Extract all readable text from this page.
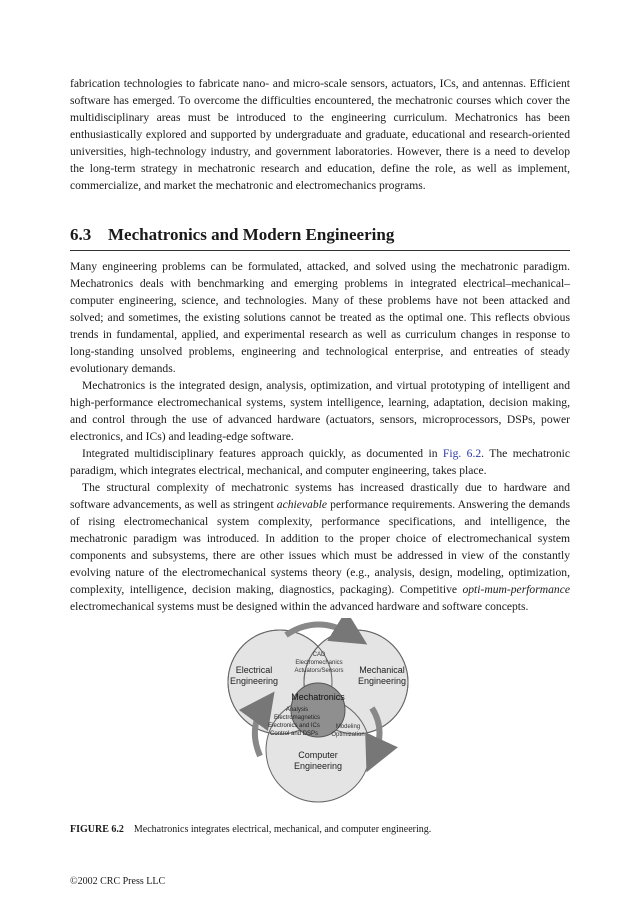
fabrication technologies to fabricate nano- and micro-scale sensors, actuators, ICs, and antennas. Efficient software has emerged. To overcome the difficulties encountered, the mechatronic courses which cover the multidisciplinary areas must be introduced to the engineering curriculum. Mechatronics has been enthusiastically explored and supported by undergraduate and graduate, educational and research-oriented universities, high-technology industry, and government laboratories. However, there is a need to develop the long-term strategy in mechatronic research and education, define the role, as well as implement, commercialize, and market the mechatronic and electromechanics programs.

6.3 Mechatronics and Modern Engineering

Many engineering problems can be formulated, attacked, and solved using the mechatronic paradigm. Mechatronics deals with benchmarking and emerging problems in integrated electrical–mechanical–computer engineering, science, and technologies. Many of these problems have not been attacked and solved; and sometimes, the existing solutions cannot be treated as the optimal one. This reflects obvious trends in fundamental, applied, and experimental research as well as curriculum changes in response to long-standing unsolved problems, engineering and technological enterprise, and entreaties of steady evolutionary demands.

Mechatronics is the integrated design, analysis, optimization, and virtual prototyping of intelligent and high-performance electromechanical systems, system intelligence, learning, adaptation, decision making, and control through the use of advanced hardware (actuators, sensors, microprocessors, DSPs, power electronics, and ICs) and leading-edge software.

Integrated multidisciplinary features approach quickly, as documented in Fig. 6.2. The mechatronic paradigm, which integrates electrical, mechanical, and computer engineering, takes place.

The structural complexity of mechatronic systems has increased drastically due to hardware and software advancements, as well as stringent achievable performance requirements. Answering the demands of rising electromechanical system complexity, performance specifications, and intelligence, the mechatronic paradigm was introduced. In addition to the proper choice of electromechanical system components and subsystems, there are other issues which must be addressed in view of the constantly evolving nature of the electromechanical systems theory (e.g., analysis, design, modeling, optimization, complexity, intelligence, decision making, diagnostics, packaging). Competitive opti-mum-performance electromechanical systems must be designed within the advanced hardware and software concepts.

Electrical
Engineering
Mechanical
Engineering
Computer
Engineering
Mechatronics
CAD
Electromechanics
Actuators/Sensors
Analysis
Electromagnetics
Electronics and ICs
Control and DSPs
Modeling
Optimization
FIGURE 6.2 Mechatronics integrates electrical, mechanical, and computer engineering.
©2002 CRC Press LLC
